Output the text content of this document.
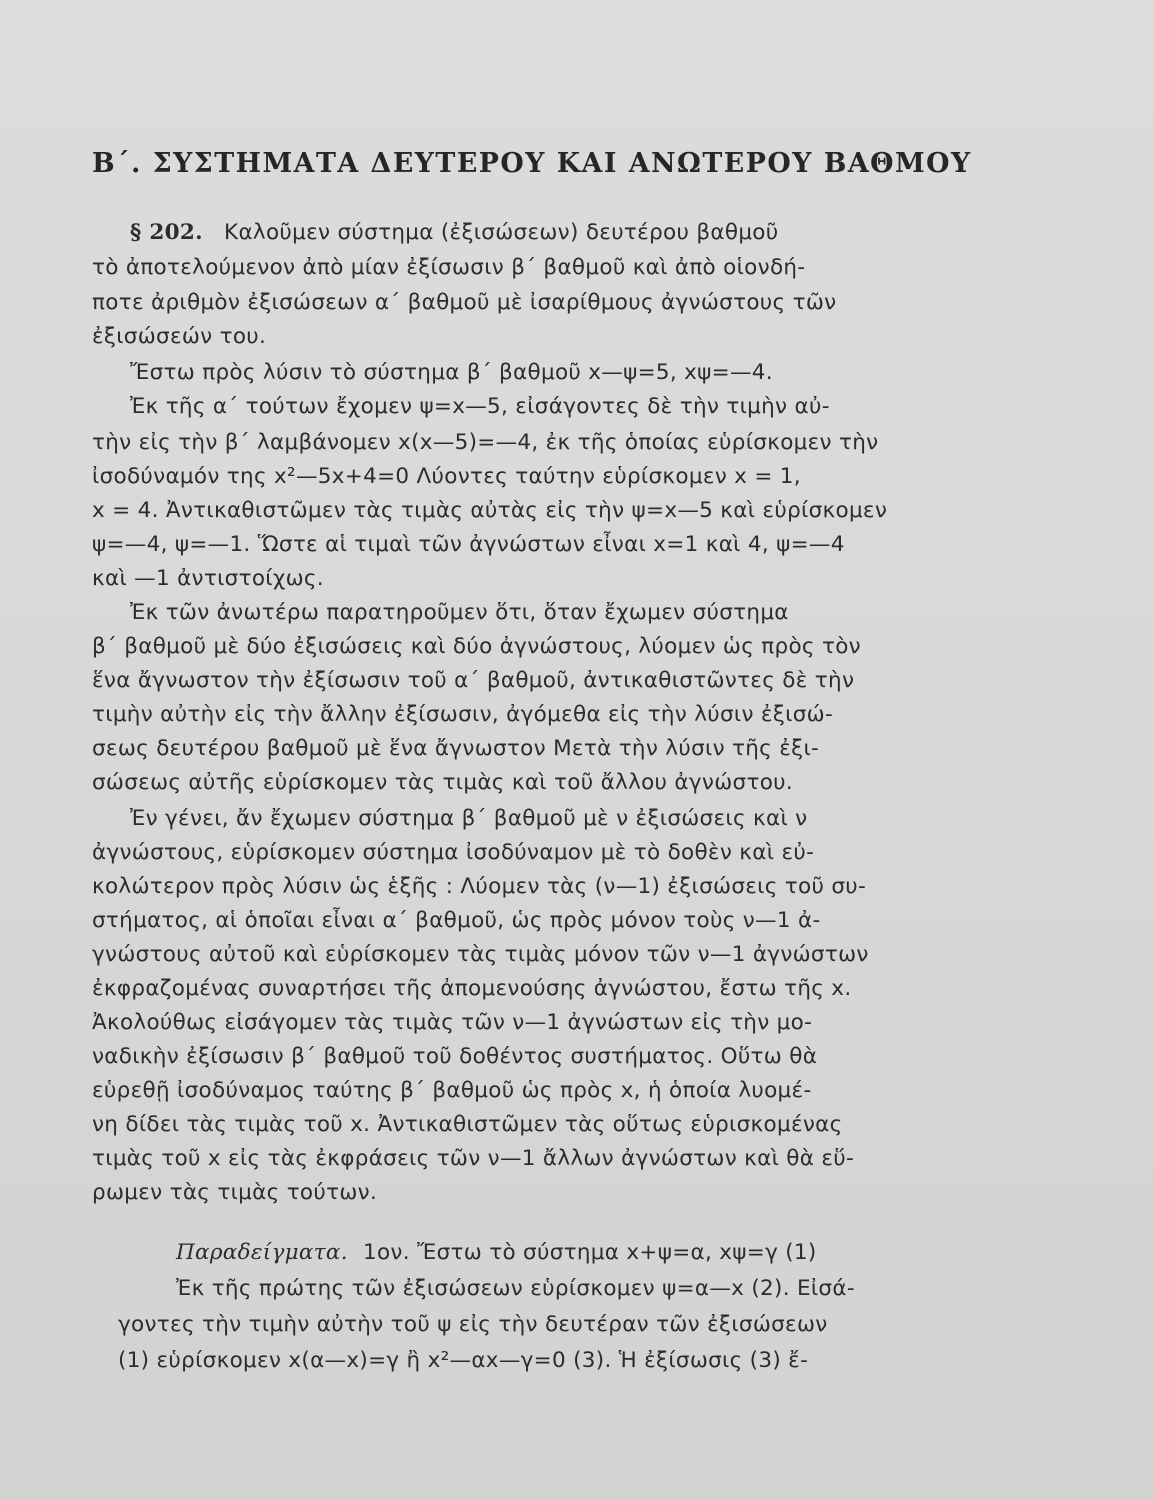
Β΄. ΣΥΣΤΗΜΑΤΑ ΔΕΥΤΕΡΟΥ ΚΑΙ ΑΝΩΤΕΡΟΥ ΒΑΘΜΟΥ
§ 202. Καλοῦμεν σύστημα (ἐξισώσεων) δευτέρου βαθμοῦ
τὸ ἀποτελούμενον ἀπὸ μίαν ἐξίσωσιν β΄ βαθμοῦ καὶ ἀπὸ οἱονδή-
ποτε ἀριθμὸν ἐξισώσεων α΄ βαθμοῦ μὲ ἰσαρίθμους ἀγνώστους τῶν
ἐξισώσεών του.
Ἔστω πρὸς λύσιν τὸ σύστημα β΄ βαθμοῦ x—ψ=5, xψ=—4.
Ἐκ τῆς α΄ τούτων ἔχομεν ψ=x—5, εἰσάγοντες δὲ τὴν τιμὴν αὐ-
τὴν εἰς τὴν β΄ λαμβάνομεν x(x—5)=—4, ἐκ τῆς ὁποίας εὑρίσκομεν τὴν
ἰσοδύναμόν της x²—5x+4=0 Λύοντες ταύτην εὑρίσκομεν x = 1,
x = 4. Ἀντικαθιστῶμεν τὰς τιμὰς αὐτὰς εἰς τὴν ψ=x—5 καὶ εὑρίσκομεν
ψ=—4, ψ=—1. Ὥστε αἱ τιμαὶ τῶν ἀγνώστων εἶναι x=1 καὶ 4, ψ=—4
καὶ —1 ἀντιστοίχως.
Ἐκ τῶν ἀνωτέρω παρατηροῦμεν ὅτι, ὅταν ἔχωμεν σύστημα
β΄ βαθμοῦ μὲ δύο ἐξισώσεις καὶ δύο ἀγνώστους, λύομεν ὡς πρὸς τὸν
ἕνα ἄγνωστον τὴν ἐξίσωσιν τοῦ α΄ βαθμοῦ, ἀντικαθιστῶντες δὲ τὴν
τιμὴν αὐτὴν εἰς τὴν ἄλλην ἐξίσωσιν, ἀγόμεθα εἰς τὴν λύσιν ἐξισώ-
σεως δευτέρου βαθμοῦ μὲ ἕνα ἄγνωστον Μετὰ τὴν λύσιν τῆς ἐξι-
σώσεως αὐτῆς εὑρίσκομεν τὰς τιμὰς καὶ τοῦ ἄλλου ἀγνώστου.
Ἐν γένει, ἄν ἔχωμεν σύστημα β΄ βαθμοῦ μὲ ν ἐξισώσεις καὶ ν
ἀγνώστους, εὑρίσκομεν σύστημα ἰσοδύναμον μὲ τὸ δοθὲν καὶ εὐ-
κολώτερον πρὸς λύσιν ὡς ἑξῆς : Λύομεν τὰς (ν—1) ἐξισώσεις τοῦ συ-
στήματος, αἱ ὁποῖαι εἶναι α΄ βαθμοῦ, ὡς πρὸς μόνον τοὺς ν—1 ἀ-
γνώστους αὐτοῦ καὶ εὑρίσκομεν τὰς τιμὰς μόνον τῶν ν—1 ἀγνώστων
ἐκφραζομένας συναρτήσει τῆς ἀπομενούσης ἀγνώστου, ἔστω τῆς x.
Ἀκολούθως εἰσάγομεν τὰς τιμὰς τῶν ν—1 ἀγνώστων εἰς τὴν μο-
ναδικὴν ἐξίσωσιν β΄ βαθμοῦ τοῦ δοθέντος συστήματος. Οὕτω θὰ
εὑρεθῇ ἰσοδύναμος ταύτης β΄ βαθμοῦ ὡς πρὸς x, ἡ ὁποία λυομέ-
νη δίδει τὰς τιμὰς τοῦ x. Ἀντικαθιστῶμεν τὰς οὕτως εὑρισκομένας
τιμὰς τοῦ x εἰς τὰς ἐκφράσεις τῶν ν—1 ἄλλων ἀγνώστων καὶ θὰ εὕ-
ρωμεν τὰς τιμὰς τούτων.
Παραδείγματα. 1ον. Ἔστω τὸ σύστημα x+ψ=α, xψ=γ (1)
Ἐκ τῆς πρώτης τῶν ἐξισώσεων εὑρίσκομεν ψ=α—x (2). Εἰσά-
γοντες τὴν τιμὴν αὐτὴν τοῦ ψ εἰς τὴν δευτέραν τῶν ἐξισώσεων
(1) εὑρίσκομεν x(α—x)=γ ἢ x²—αx—γ=0 (3). Ἡ ἐξίσωσις (3) ἔ-
